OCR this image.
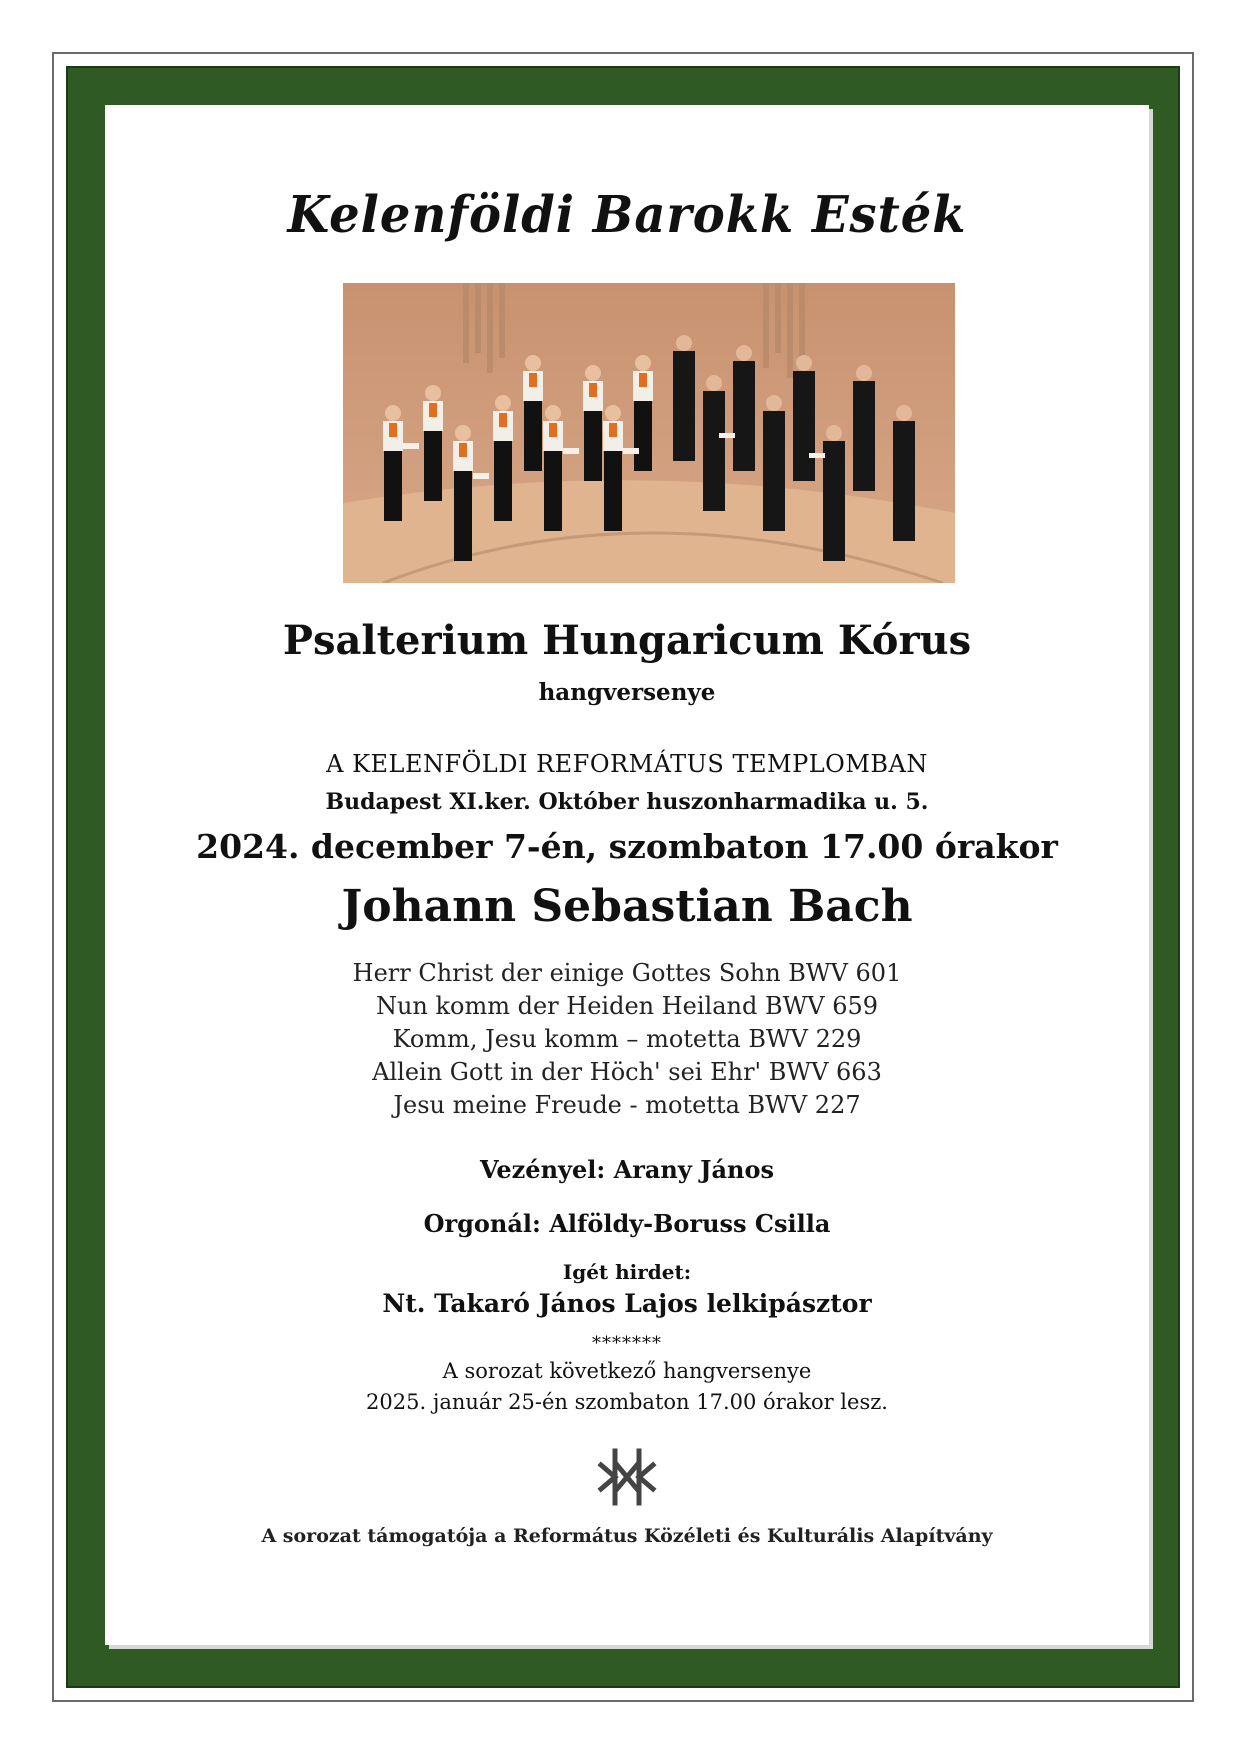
Kelenföldi Barokk Esték
Psalterium Hungaricum Kórus
hangversenye
A KELENFÖLDI REFORMÁTUS TEMPLOMBAN
Budapest XI.ker. Október huszonharmadika u. 5.
2024. december 7-én, szombaton 17.00 órakor
Johann Sebastian Bach
Herr Christ der einige Gottes Sohn BWV 601
Nun komm der Heiden Heiland BWV 659
Komm, Jesu komm – motetta BWV 229
Allein Gott in der Höch' sei Ehr' BWV 663
Jesu meine Freude - motetta BWV 227
Vezényel: Arany János
Orgonál: Alföldy-Boruss Csilla
Igét hirdet:
Nt. Takaró János Lajos lelkipásztor
*******
A sorozat következő hangversenye
2025. január 25-én szombaton 17.00 órakor lesz.
A sorozat támogatója a Református Közéleti és Kulturális Alapítvány
